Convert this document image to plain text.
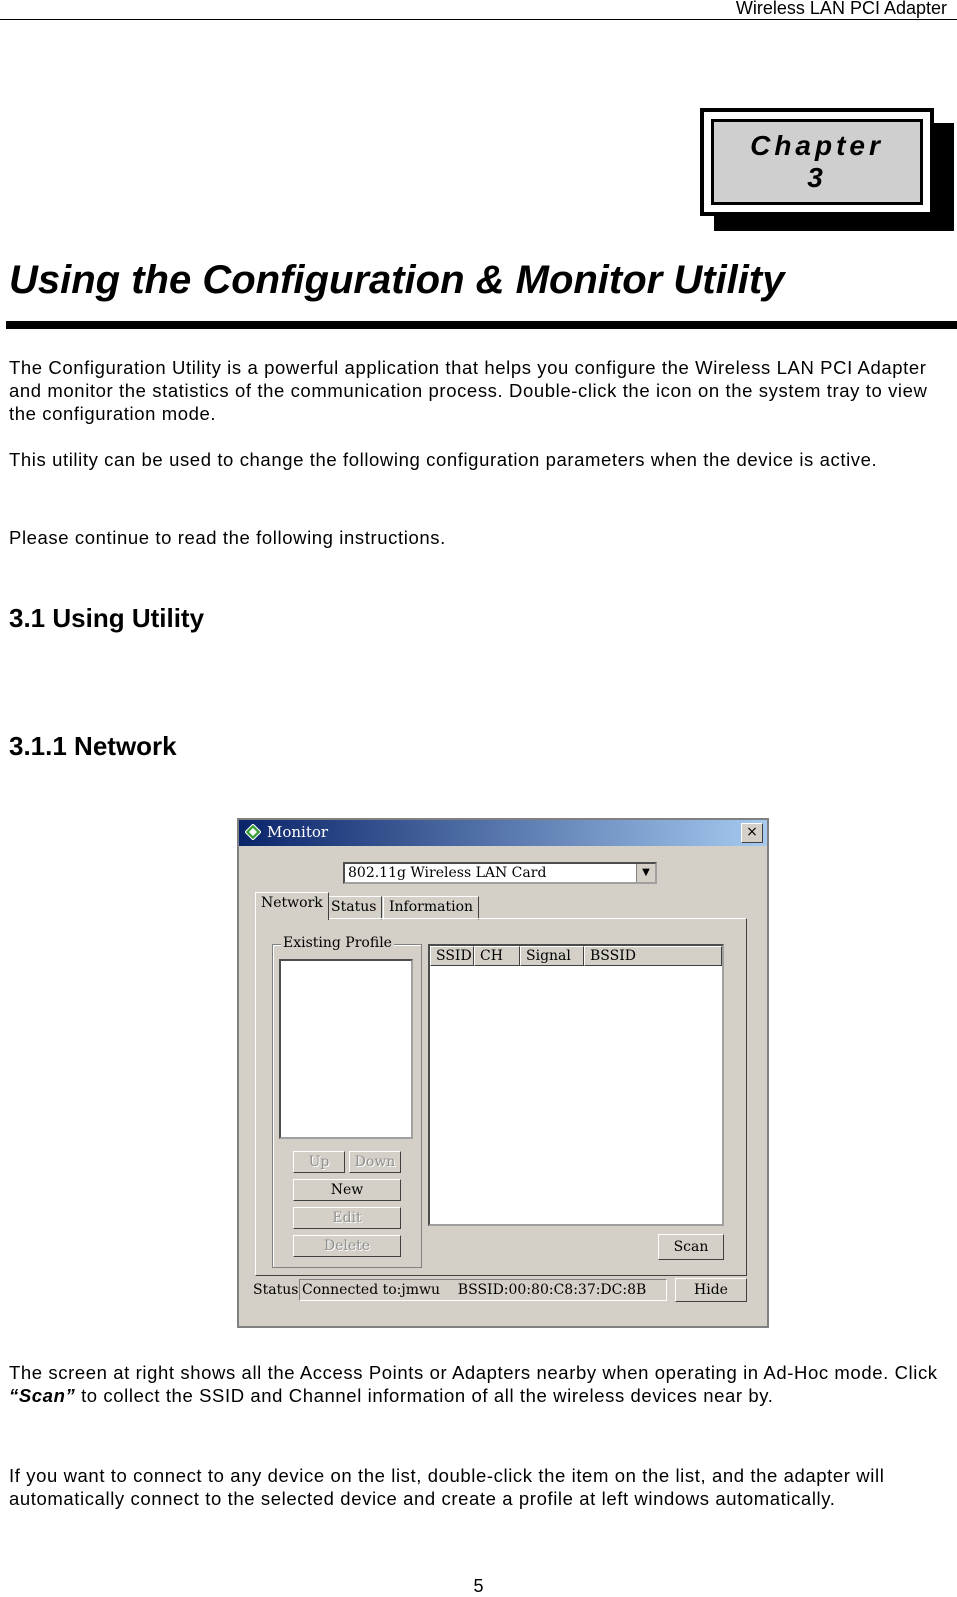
Wireless LAN PCI Adapter
Chapter
3
Using the Configuration & Monitor Utility
The Configuration Utility is a powerful application that helps you configure the Wireless LAN PCI Adapter and monitor the statistics of the communication process. Double-click the icon on the system tray to view the configuration mode.
This utility can be used to change the following configuration parameters when the device is active.
Please continue to read the following instructions.
3.1 Using Utility
3.1.1 Network
Monitor	×
802.11g Wireless LAN Card	▼
Network Status Information
Existing Profile
Up	Down
New
Edit
Delete
SSID CH	Signal	BSSID
Scan
Status Connected to:jmwu    BSSID:00:80:C8:37:DC:8B	Hide
The screen at right shows all the Access Points or Adapters nearby when operating in Ad-Hoc mode. Click “Scan” to collect the SSID and Channel information of all the wireless devices near by.
If you want to connect to any device on the list, double-click the item on the list, and the adapter will automatically connect to the selected device and create a profile at left windows automatically.
5
